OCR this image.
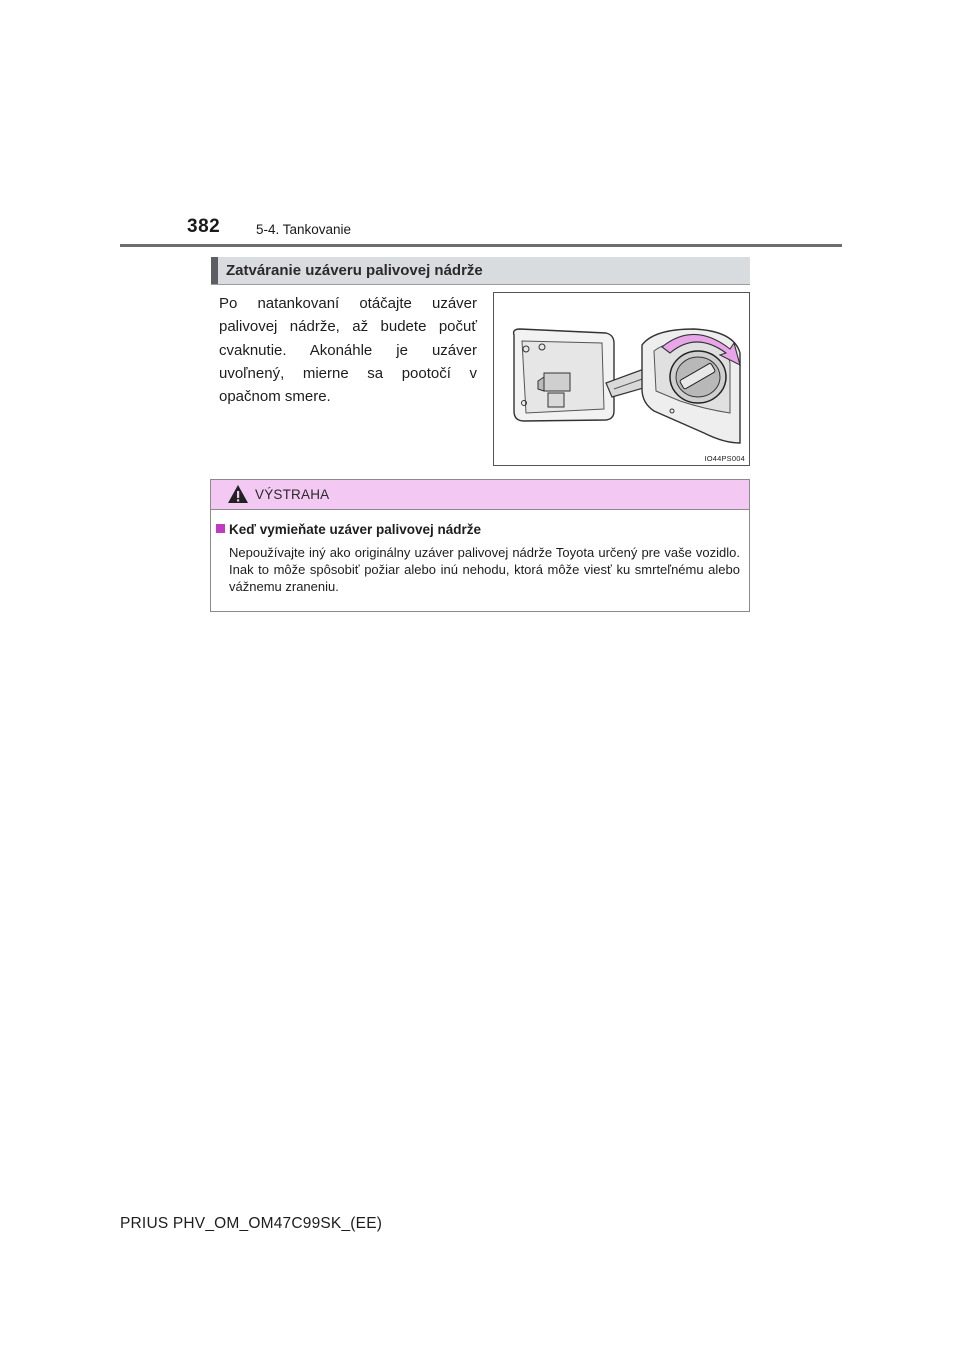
382	5-4. Tankovanie
Zatváranie uzáveru palivovej nádrže
Po natankovaní otáčajte uzáver palivovej nádrže, až budete počuť cvaknutie. Akonáhle je uzáver uvoľnený, mierne sa pootočí v opačnom smere.
IO44PS004
VÝSTRAHA
Keď vymieňate uzáver palivovej nádrže
Nepoužívajte iný ako originálny uzáver palivovej nádrže Toyota určený pre vaše vozidlo. Inak to môže spôsobiť požiar alebo inú nehodu, ktorá môže viesť ku smrteľnému alebo vážnemu zraneniu.
PRIUS PHV_OM_OM47C99SK_(EE)
